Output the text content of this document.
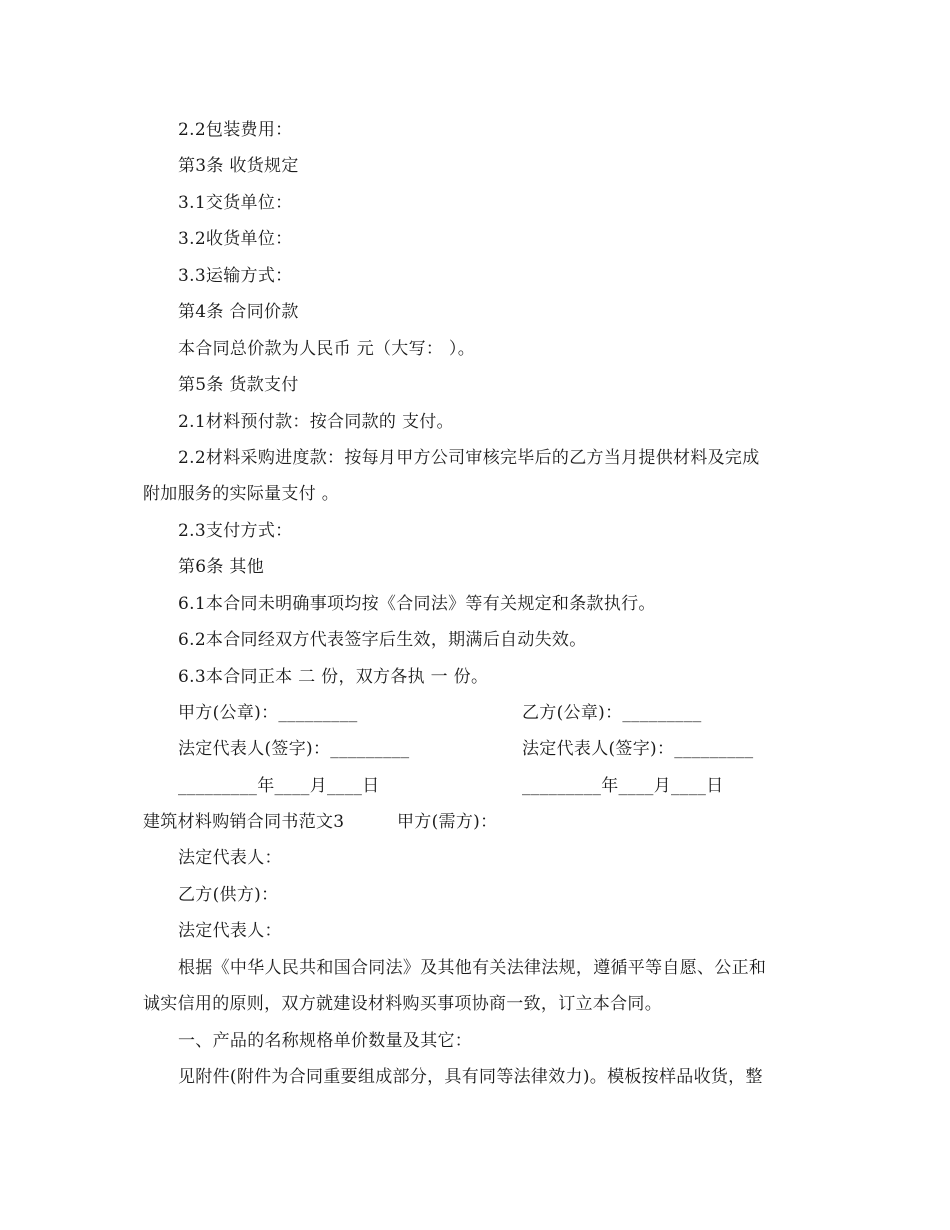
2.2包装费用：
第3条 收货规定
3.1交货单位：
3.2收货单位：
3.3运输方式：
第4条 合同价款
本合同总价款为人民币 元（大写： ）。
第5条 货款支付
2.1材料预付款：按合同款的 支付。
2.2材料采购进度款：按每月甲方公司审核完毕后的乙方当月提供材料及完成
附加服务的实际量支付 。
2.3支付方式：
第6条 其他
6.1本合同未明确事项均按《合同法》等有关规定和条款执行。
6.2本合同经双方代表签字后生效，期满后自动失效。
6.3本合同正本 二 份，双方各执 一 份。
甲方(公章)：_________	乙方(公章)：_________
法定代表人(签字)：_________	法定代表人(签字)：_________
_________年____月____日	_________年____月____日
建筑材料购销合同书范文3	甲方(需方)：
法定代表人：
乙方(供方)：
法定代表人：
根据《中华人民共和国合同法》及其他有关法律法规，遵循平等自愿、公正和
诚实信用的原则，双方就建设材料购买事项协商一致，订立本合同。
一、产品的名称规格单价数量及其它：
见附件(附件为合同重要组成部分，具有同等法律效力)。模板按样品收货，整
